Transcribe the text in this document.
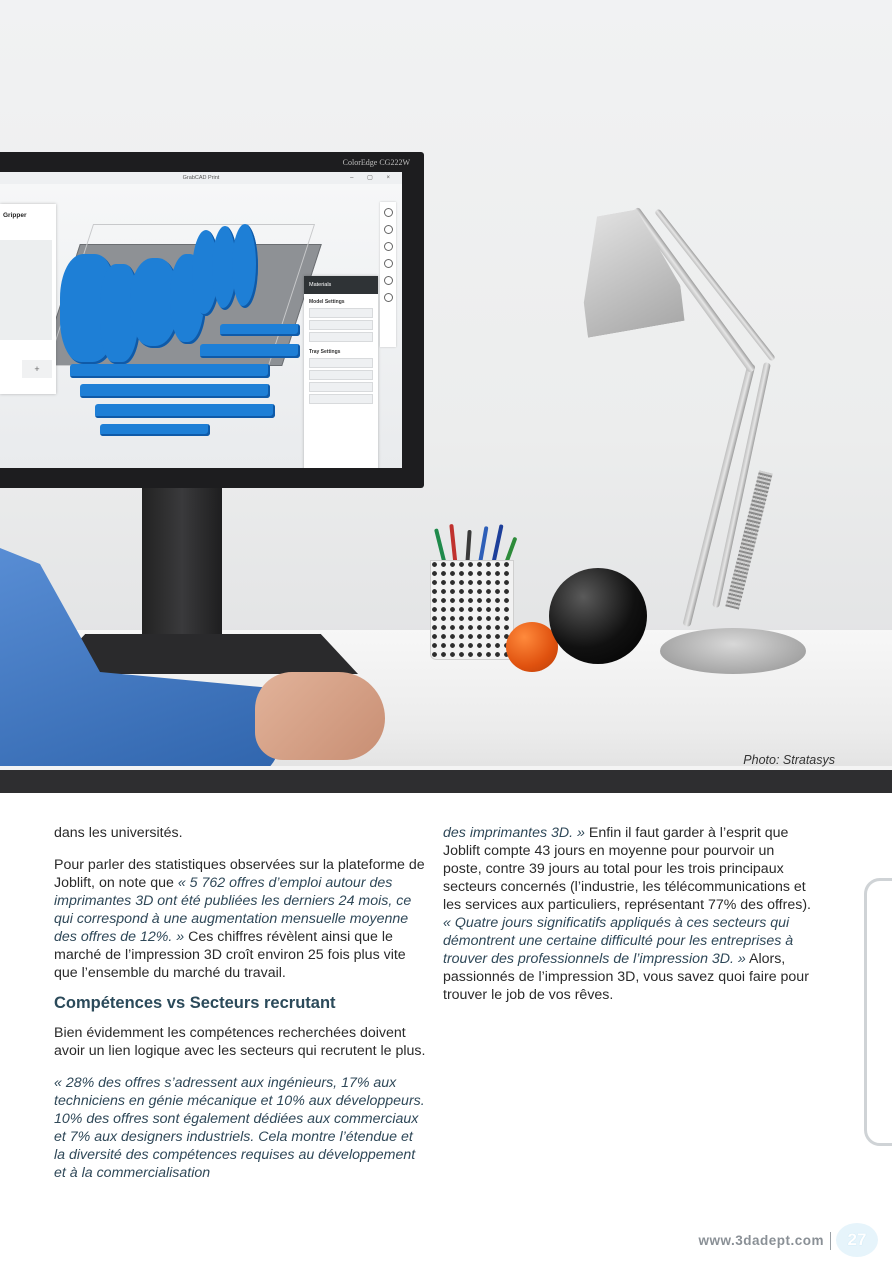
ColorEdge CG222W
GrabCAD Print	– ▢ ×
Gripper
+
Materials
Model Settings
Tray Settings
Photo: Stratasys

dans les universités.

Pour parler des statistiques observées sur la plateforme de Joblift, on note que « 5 762 offres d’emploi autour des imprimantes 3D ont été publiées les derniers 24 mois, ce qui correspond à une augmentation mensuelle moyenne des offres de 12%. » Ces chiffres révèlent ainsi que le marché de l’impression 3D croît environ 25 fois plus vite que l’ensemble du marché du travail.

Compétences vs Secteurs recrutant

Bien évidemment les compétences recherchées doivent avoir un lien logique avec les secteurs qui recrutent le plus.

« 28% des offres s’adressent aux ingénieurs, 17% aux techniciens en génie mécanique et 10% aux développeurs. 10% des offres sont également dédiées aux commerciaux et 7% aux designers industriels. Cela montre l’étendue et la diversité des compétences requises au développement et à la commercialisation

des imprimantes 3D. » Enfin il faut garder à l’esprit que Joblift compte 43 jours en moyenne pour pourvoir un poste, contre 39 jours au total pour les trois principaux secteurs concernés (l’industrie, les télécommunications et les services aux particuliers, représentant 77% des offres). « Quatre jours significatifs appliqués à ces secteurs qui démontrent une certaine difficulté pour les entreprises à trouver des professionnels de l’impression 3D. » Alors, passionnés de l’impression 3D, vous savez quoi faire pour trouver le job de vos rêves.

www.3dadept.com	27
